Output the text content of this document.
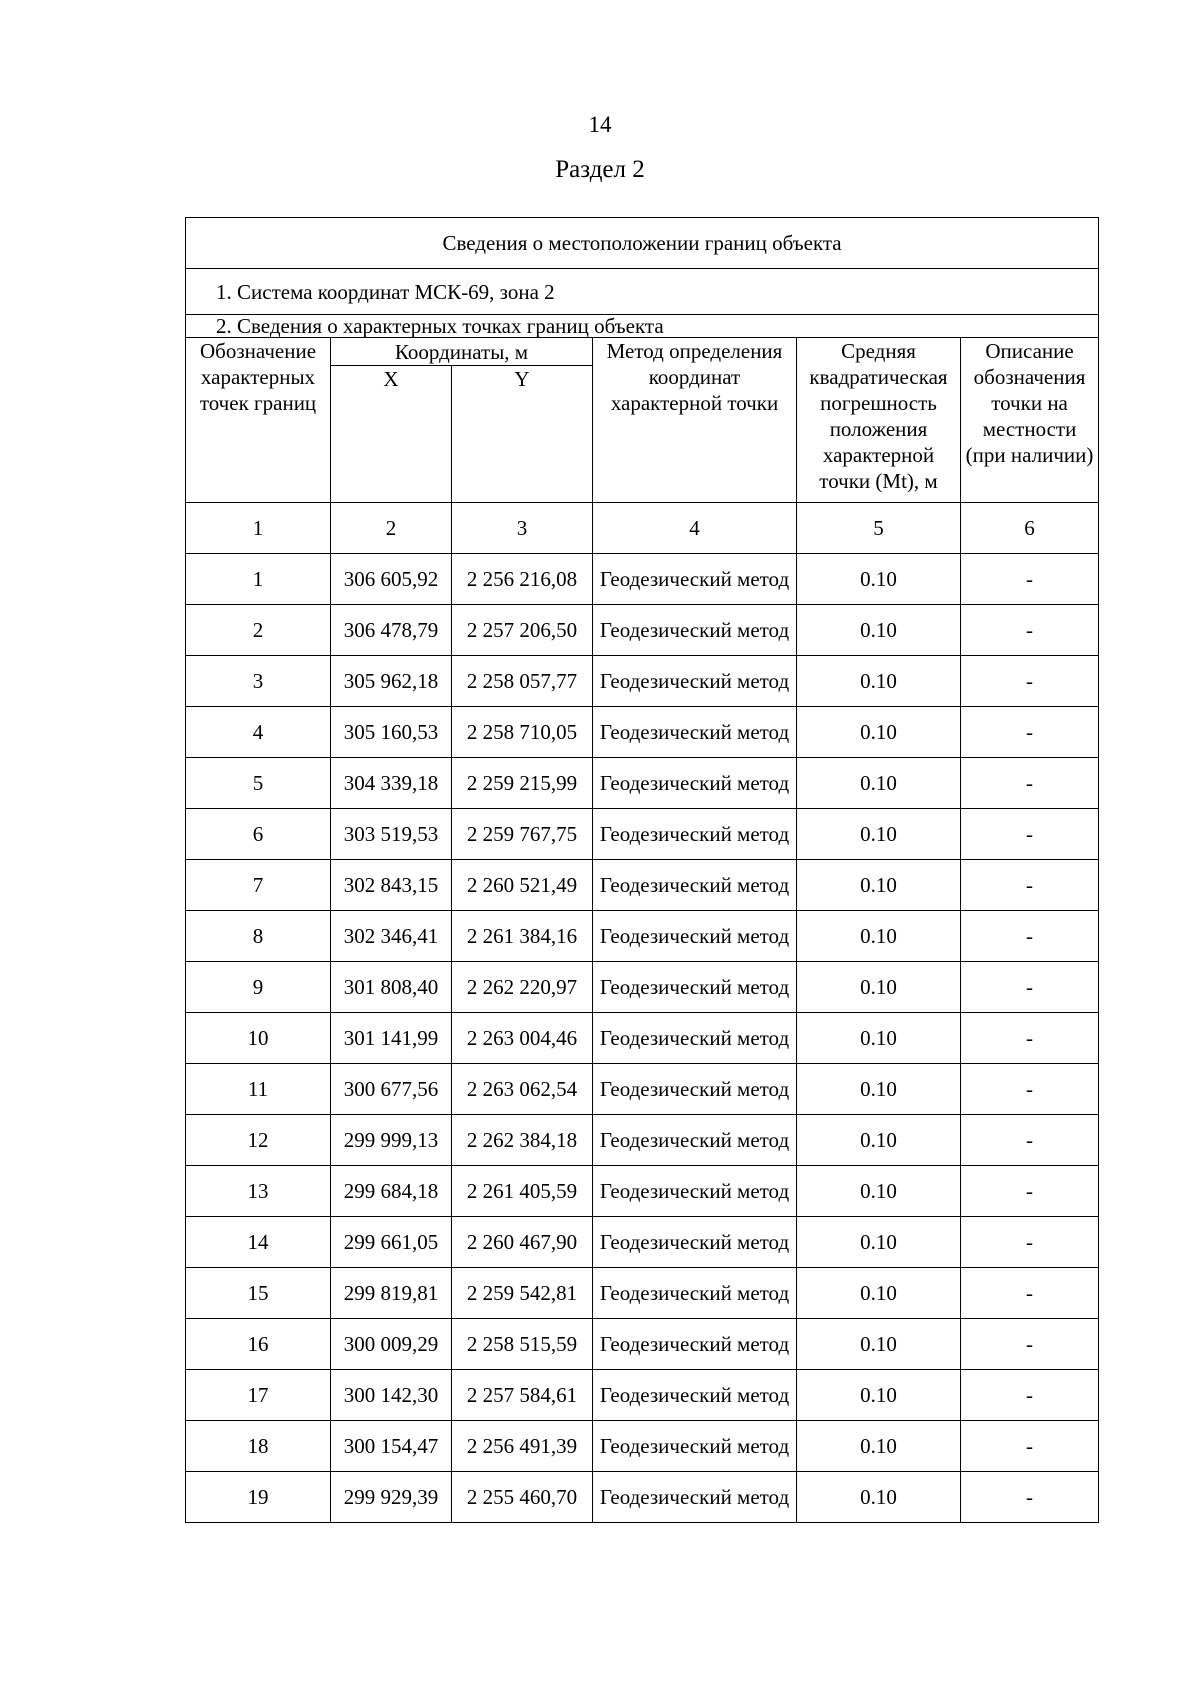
14
Раздел 2
Сведения о местоположении границ объекта					
1. Система координат МСК-69, зона 2					
2. Сведения о характерных точках границ объекта					
Обозначение характерных точек границ	Координаты, м		Метод определения координат характерной точки	Средняя квадратическая погрешность положения характерной точки (Mt), м	Описание обозначения точки на местности (при наличии)
	X	Y			
1	2	3	4	5	6
1	306 605,92	2 256 216,08	Геодезический метод	0.10	-
2	306 478,79	2 257 206,50	Геодезический метод	0.10	-
3	305 962,18	2 258 057,77	Геодезический метод	0.10	-
4	305 160,53	2 258 710,05	Геодезический метод	0.10	-
5	304 339,18	2 259 215,99	Геодезический метод	0.10	-
6	303 519,53	2 259 767,75	Геодезический метод	0.10	-
7	302 843,15	2 260 521,49	Геодезический метод	0.10	-
8	302 346,41	2 261 384,16	Геодезический метод	0.10	-
9	301 808,40	2 262 220,97	Геодезический метод	0.10	-
10	301 141,99	2 263 004,46	Геодезический метод	0.10	-
11	300 677,56	2 263 062,54	Геодезический метод	0.10	-
12	299 999,13	2 262 384,18	Геодезический метод	0.10	-
13	299 684,18	2 261 405,59	Геодезический метод	0.10	-
14	299 661,05	2 260 467,90	Геодезический метод	0.10	-
15	299 819,81	2 259 542,81	Геодезический метод	0.10	-
16	300 009,29	2 258 515,59	Геодезический метод	0.10	-
17	300 142,30	2 257 584,61	Геодезический метод	0.10	-
18	300 154,47	2 256 491,39	Геодезический метод	0.10	-
19	299 929,39	2 255 460,70	Геодезический метод	0.10	-
